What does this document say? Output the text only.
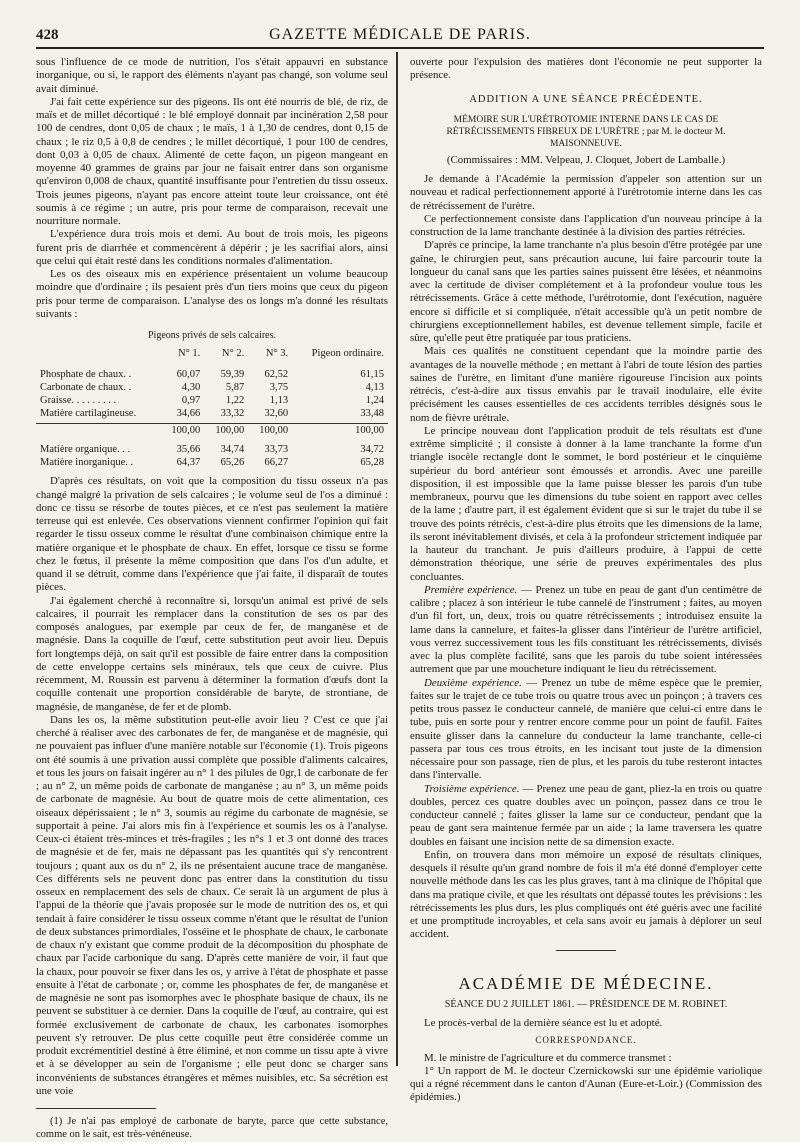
428	GAZETTE MÉDICALE DE PARIS.

sous l'influence de ce mode de nutrition, l'os s'était appauvri en substance inorganique, ou si, le rapport des éléments n'ayant pas changé, son volume seul avait diminué.

J'ai fait cette expérience sur des pigeons. Ils ont été nourris de blé, de riz, de maïs et de millet décortiqué : le blé employé donnait par incinération 2,58 pour 100 de cendres, dont 0,05 de chaux ; le maïs, 1 à 1,30 de cendres, dont 0,15 de chaux ; le riz 0,5 à 0,8 de cendres ; le millet décortiqué, 1 pour 100 de cendres, dont 0,03 à 0,05 de chaux. Alimenté de cette façon, un pigeon mangeant en moyenne 40 grammes de grains par jour ne faisait entrer dans son organisme qu'environ 0,008 de chaux, quantité insuffisante pour l'entretien du tissu osseux. Trois jeunes pigeons, n'ayant pas encore atteint toute leur croissance, ont été soumis à ce régime ; un autre, pris pour terme de comparaison, recevait une nourriture normale.

L'expérience dura trois mois et demi. Au bout de trois mois, les pigeons furent pris de diarrhée et commencèrent à dépérir ; je les sacrifiai alors, ainsi que celui qui était resté dans les conditions normales d'alimentation.

Les os des oiseaux mis en expérience présentaient un volume beaucoup moindre que d'ordinaire ; ils pesaient près d'un tiers moins que ceux du pigeon pris pour terme de comparaison. L'analyse des os longs m'a donné les résultats suivants :

Pigeons privés de sels calcaires.
	N° 1.	N° 2.	N° 3.	Pigeon ordinaire.

Phosphate de chaux. .	60,07	59,39	62,52	61,15
Carbonate de chaux. .	4,30	5,87	3,75	4,13
Graisse. . . . . . . . .	0,97	1,22	1,13	1,24
Matière cartilagineuse.	34,66	33,32	32,60	33,48

	100,00	100,00	100,00	100,00

Matière organique. . .	35,66	34,74	33,73	34,72
Matière inorganique. .	64,37	65,26	66,27	65,28

D'après ces résultats, on voit que la composition du tissu osseux n'a pas changé malgré la privation de sels calcaires ; le volume seul de l'os a diminué : donc ce tissu se résorbe de toutes pièces, et ce n'est pas seulement la matière terreuse qui est enlevée. Ces observations viennent confirmer l'opinion qui fait regarder le tissu osseux comme le résultat d'une combinaison chimique entre la matière organique et le phosphate de chaux. En effet, lorsque ce tissu se forme chez le fœtus, il présente la même composition que dans l'os d'un adulte, et quand il se détruit, comme dans l'expérience que j'ai faite, il disparaît de toutes pièces.

J'ai également cherché à reconnaître si, lorsqu'un animal est privé de sels calcaires, il pourrait les remplacer dans la constitution de ses os par des composés analogues, par exemple par ceux de fer, de manganèse et de magnésie. Dans la coquille de l'œuf, cette substitution peut avoir lieu. Depuis fort longtemps déjà, on sait qu'il est possible de faire entrer dans la composition de cette enveloppe certains sels minéraux, tels que ceux de cuivre. Plus récemment, M. Roussin est parvenu à déterminer la formation d'œufs dont la coquille contenait une proportion considérable de baryte, de strontiane, de magnésie, de manganèse, de fer et de plomb.

Dans les os, la même substitution peut-elle avoir lieu ? C'est ce que j'ai cherché à réaliser avec des carbonates de fer, de manganèse et de magnésie, qui ne pouvaient pas influer d'une manière notable sur l'économie (1). Trois pigeons ont été soumis à une privation aussi complète que possible d'aliments calcaires, et tous les jours on faisait ingérer au n° 1 des pilules de 0gr,1 de carbonate de fer ; au n° 2, un même poids de carbonate de manganèse ; au n° 3, un même poids de carbonate de magnésie. Au bout de quatre mois de cette alimentation, ces oiseaux dépérissaient ; le n° 3, soumis au régime du carbonate de magnésie, se supportait à peine. J'ai alors mis fin à l'expérience et soumis les os à l'analyse. Ceux-ci étaient très-minces et très-fragiles ; les n°s 1 et 3 ont donné des traces de magnésie et de fer, mais ne dépassant pas les quantités qui s'y rencontrent toujours ; quant aux os du n° 2, ils ne présentaient aucune trace de manganèse. Ces différents sels ne peuvent donc pas entrer dans la constitution du tissu osseux en remplacement des sels de chaux. Ce serait là un argument de plus à l'appui de la théorie que j'avais proposée sur le mode de nutrition des os, et qui tendait à faire considérer le tissu osseux comme n'étant que le résultat de l'union de deux substances primordiales, l'osséine et le phosphate de chaux, le carbonate de chaux n'y existant que comme produit de la décomposition du phosphate de chaux par l'acide carbonique du sang. D'après cette manière de voir, il faut que la chaux, pour pouvoir se fixer dans les os, y arrive à l'état de phosphate et passe ensuite à l'état de carbonate ; or, comme les phosphates de fer, de manganèse et de magnésie ne sont pas isomorphes avec le phosphate basique de chaux, ils ne peuvent se substituer à ce dernier. Dans la coquille de l'œuf, au contraire, qui est formée exclusivement de carbonate de chaux, les carbonates isomorphes peuvent s'y retrouver. De plus cette coquille peut être considérée comme un produit excrémentitiel destiné à être éliminé, et non comme un tissu apte à vivre et à se développer au sein de l'organisme ; elle peut donc se charger sans inconvénients de substances étrangères et mêmes nuisibles, etc. Sa sécrétion est une voie

(1) Je n'ai pas employé de carbonate de baryte, parce que cette substance, comme on le sait, est très-vénéneuse.

ouverte pour l'expulsion des matières dont l'économie ne peut supporter la présence.

ADDITION A UNE SÉANCE PRÉCÉDENTE.
MÉMOIRE SUR L'URÉTROTOMIE INTERNE DANS LE CAS DE RÉTRÉCISSEMENTS FIBREUX DE L'URÈTRE ; par M. le docteur M. MAISONNEUVE.
(Commissaires : MM. Velpeau, J. Cloquet, Jobert de Lamballe.)

Je demande à l'Académie la permission d'appeler son attention sur un nouveau et radical perfectionnement apporté à l'urétrotomie interne dans les cas de rétrécissement de l'urètre.

Ce perfectionnement consiste dans l'application d'un nouveau principe à la construction de la lame tranchante destinée à la division des parties rétrécies.

D'après ce principe, la lame tranchante n'a plus besoin d'être protégée par une gaîne, le chirurgien peut, sans précaution aucune, lui faire parcourir toute la longueur du canal sans que les parties saines puissent être lésées, et néanmoins avec la certitude de diviser complétement et à la profondeur voulue tous les rétrécissements. Grâce à cette méthode, l'urétrotomie, dont l'exécution, naguère encore si difficile et si compliquée, n'était accessible qu'à un petit nombre de chirurgiens exceptionnellement habiles, est devenue tellement simple, facile et sûre, qu'elle peut être pratiquée par tous praticiens.

Mais ces qualités ne constituent cependant que la moindre partie des avantages de la nouvelle méthode ; en mettant à l'abri de toute lésion des parties saines de l'urètre, en limitant d'une manière rigoureuse l'incision aux points rétrécis, c'est-à-dire aux tissus envahis par le travail inodulaire, elle évite précisément les causes essentielles de ces accidents terribles désignés sous le nom de fièvre urétrale.

Le principe nouveau dont l'application produit de tels résultats est d'une extrême simplicité ; il consiste à donner à la lame tranchante la forme d'un triangle isocèle rectangle dont le sommet, le bord postérieur et le cinquième supérieur du bord antérieur sont émoussés et arrondis. Avec une pareille disposition, il est impossible que la lame puisse blesser les parois d'un tube membraneux, pourvu que les dimensions du tube soient en rapport avec celles de la lame ; d'autre part, il est également évident que si sur le trajet du tube il se trouve des points rétrécis, c'est-à-dire plus étroits que les dimensions de la lame, ils seront inévitablement divisés, et cela à la profondeur strictement indiquée par la hauteur du tranchant. Je puis d'ailleurs produire, à l'appui de cette démonstration théorique, une série de preuves expérimentales des plus concluantes.

Première expérience. — Prenez un tube en peau de gant d'un centimètre de calibre ; placez à son intérieur le tube cannelé de l'instrument ; faites, au moyen d'un fil fort, un, deux, trois ou quatre rétrécissements ; introduisez ensuite la lame dans la cannelure, et faites-la glisser dans l'intérieur de l'urètre artificiel, vous verrez successivement tous les fils constituant les rétrécissements, divisés avec la plus complète facilité, sans que les parois du tube soient intéressées autrement que par une moucheture indiquant le lieu du rétrécissement.

Deuxième expérience. — Prenez un tube de même espèce que le premier, faites sur le trajet de ce tube trois ou quatre trous avec un poinçon ; à travers ces petits trous passez le conducteur cannelé, de manière que celui-ci entre dans le tube, puis en sorte pour y rentrer encore comme pour un point de faufil. Faites ensuite glisser dans la cannelure du conducteur la lame tranchante, celle-ci passera par tous ces trous étroits, en les incisant tout juste de la dimension nécessaire pour son passage, rien de plus, et les parois du tube resteront intactes dans l'intervalle.

Troisième expérience. — Prenez une peau de gant, pliez-la en trois ou quatre doubles, percez ces quatre doubles avec un poinçon, passez dans ce trou le conducteur cannelé ; faites glisser la lame sur ce conducteur, pendant que la peau de gant sera maintenue fermée par un aide ; la lame traversera les quatre doubles en faisant une incision nette de sa dimension exacte.

Enfin, on trouvera dans mon mémoire un exposé de résultats cliniques, desquels il résulte qu'un grand nombre de fois il m'a été donné d'employer cette nouvelle méthode dans les cas les plus graves, tant à ma clinique de l'hôpital que dans ma pratique civile, et que les résultats ont dépassé toutes les prévisions : les rétrécissements les plus durs, les plus compliqués ont été guéris avec une facilité et une promptitude incroyables, et cela sans avoir eu jamais à déplorer un seul accident.

ACADÉMIE DE MÉDECINE.
SÉANCE DU 2 JUILLET 1861. — PRÉSIDENCE DE M. ROBINET.

Le procès-verbal de la dernière séance est lu et adopté.

CORRESPONDANCE.

M. le ministre de l'agriculture et du commerce transmet :

1° Un rapport de M. le docteur Czernickowski sur une épidémie variolique qui a régné récemment dans le canton d'Aunan (Eure-et-Loir.) (Commission des épidémies.)
